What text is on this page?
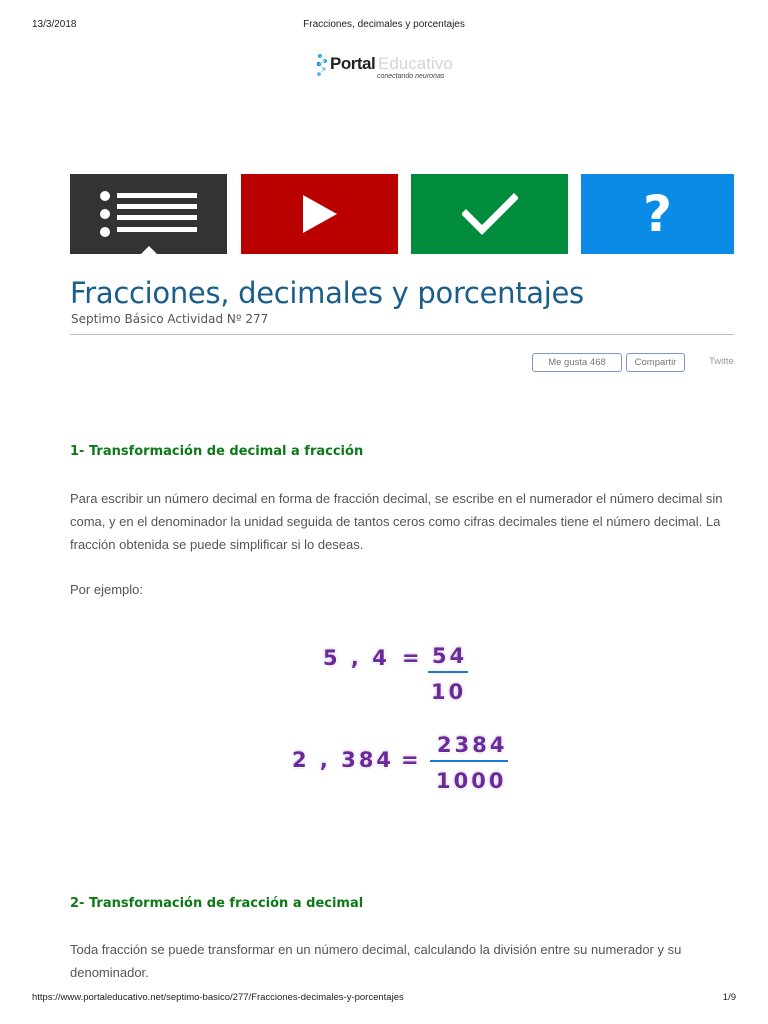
13/3/2018	Fracciones, decimales y porcentajes
Portal Educativo
conectando neuronas
?
Fracciones, decimales y porcentajes
Septimo Básico Actividad Nº 277
Me gusta 468	Compartir	Twitte
1- Transformación de decimal a fracción

Para escribir un número decimal en forma de fracción decimal, se escribe en el numerador el número decimal sin coma, y en el denominador la unidad seguida de tantos ceros como cifras decimales tiene el número decimal. La fracción obtenida se puede simplificar si lo deseas.

Por ejemplo:

5 , 4 = 54
10
2 , 384 =
2384
1000
2- Transformación de fracción a decimal

Toda fracción se puede transformar en un número decimal, calculando la división entre su numerador y su denominador.

https://www.portaleducativo.net/septimo-basico/277/Fracciones-decimales-y-porcentajes	1/9
